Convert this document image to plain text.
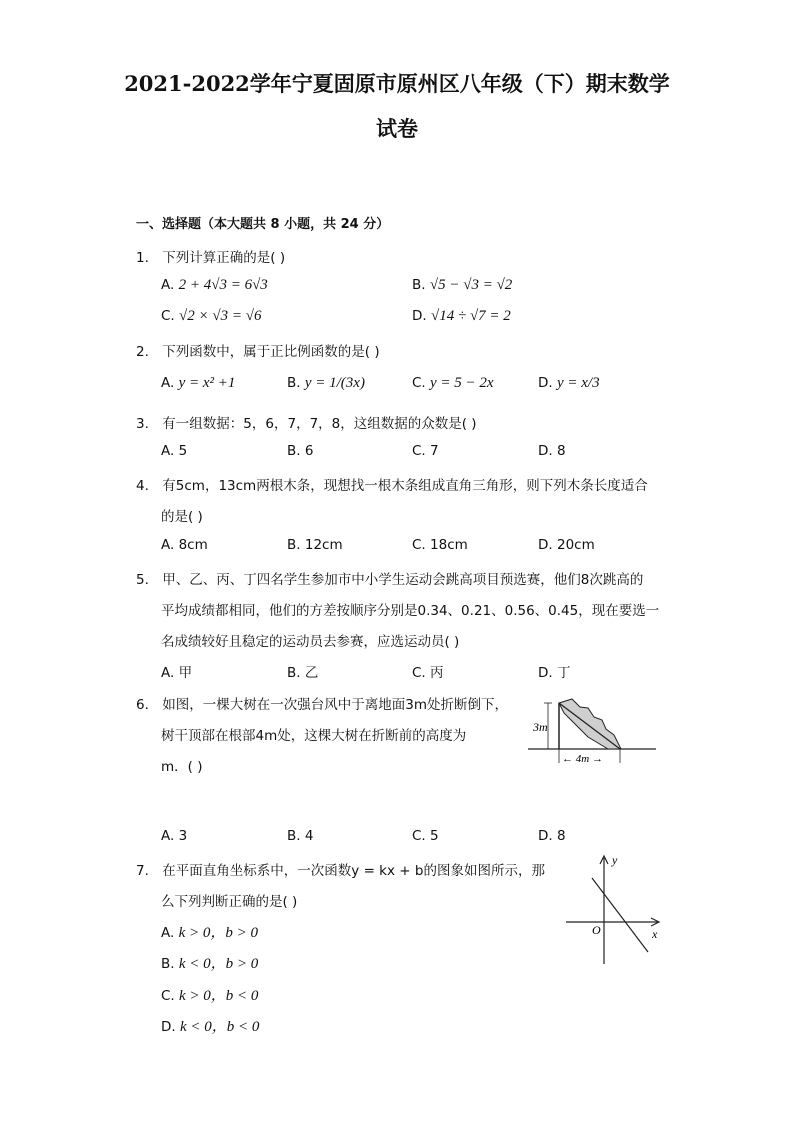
2021-2022学年宁夏固原市原州区八年级（下）期末数学
试卷
一、选择题（本大题共 8 小题，共 24 分）
1. 下列计算正确的是( )
A. 2 + 4√3 = 6√3	B. √5 − √3 = √2
C. √2 × √3 = √6	D. √14 ÷ √7 = 2
2. 下列函数中，属于正比例函数的是( )
A. y = x² +1	B. y = 1/(3x)	C. y = 5 − 2x	D. y = x/3
3. 有一组数据：5，6，7，7，8，这组数据的众数是( )
A. 5	B. 6	C. 7	D. 8
4. 有5cm，13cm两根木条，现想找一根木条组成直角三角形，则下列木条长度适合
的是( )
A. 8cm	B. 12cm	C. 18cm	D. 20cm
5. 甲、乙、丙、丁四名学生参加市中小学生运动会跳高项目预选赛，他们8次跳高的
平均成绩都相同，他们的方差按顺序分别是0.34、0.21、0.56、0.45，现在要选一
名成绩较好且稳定的运动员去参赛，应选运动员( )
A. 甲	B. 乙	C. 丙	D. 丁
6. 如图，一棵大树在一次强台风中于离地面3m处折断倒下，
树干顶部在根部4m处，这棵大树在折断前的高度为
m．( )
3m
← 4m →
A. 3	B. 4	C. 5	D. 8
7. 在平面直角坐标系中，一次函数y = kx + b的图象如图所示，那
么下列判断正确的是( )
y
x
O
A. k > 0，b > 0
B. k < 0，b > 0
C. k > 0，b < 0
D. k < 0，b < 0
